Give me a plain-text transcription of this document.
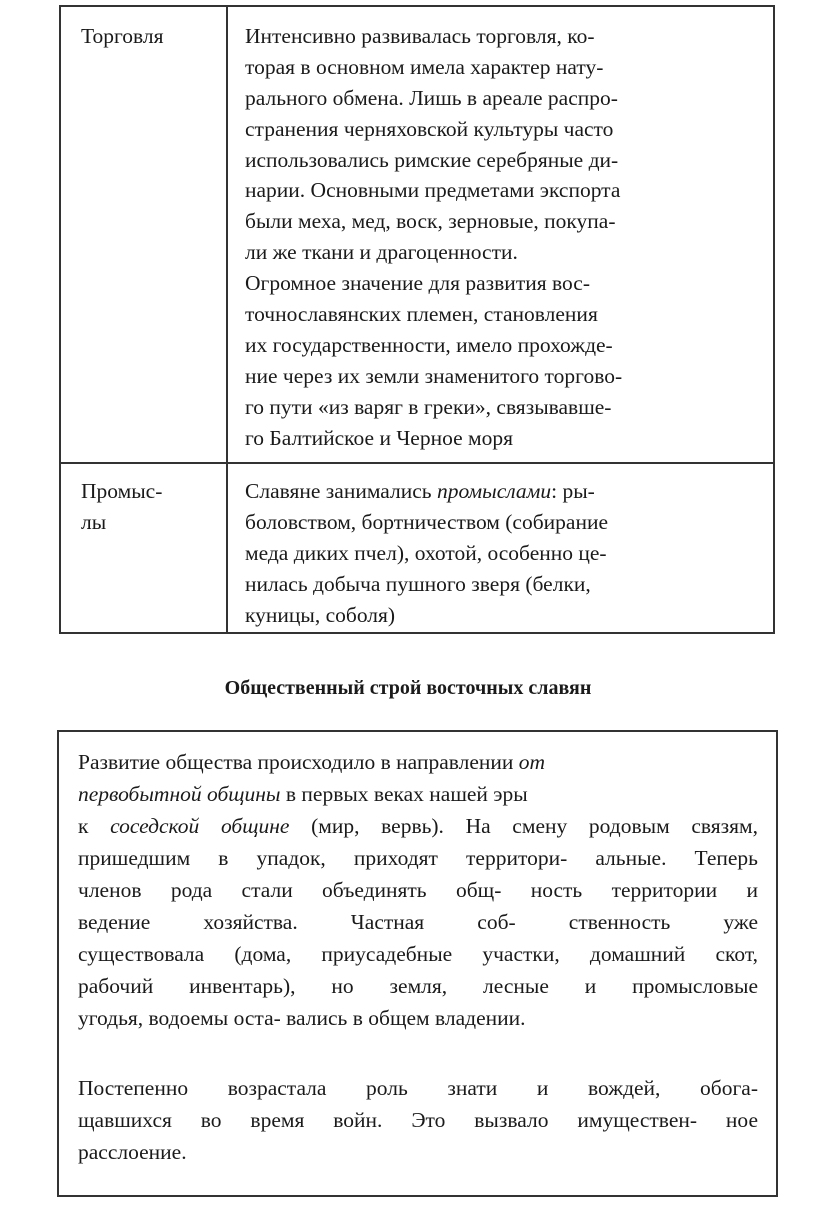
Торговля	Интенсивно развивалась торговля, ко-
торая в основном имела характер нату-
рального обмена. Лишь в ареале распро-
странения черняховской культуры часто
использовались римские серебряные ди-
нарии. Основными предметами экспорта
были меха, мед, воск, зерновые, покупа-
ли же ткани и драгоценности.
Огромное значение для развития вос-
точнославянских племен, становления
их государственности, имело прохожде-
ние через их земли знаменитого торгово-
го пути «из варяг в греки», связывавше-
го Балтийское и Черное моря
Промыс-
лы
Славяне занимались промыслами: ры-
боловством, бортничеством (собирание
меда диких пчел), охотой, особенно це-
нилась добыча пушного зверя (белки,
куницы, соболя)
Общественный строй восточных славян
Развитие общества происходило в направлении от
первобытной общины в первых веках нашей эры
к соседской общине (мир, вервь). На смену родовым связям,
пришедшим в упадок, приходят территори- альные. Теперь
членов рода стали объединять общ- ность территории и
ведение хозяйства. Частная соб- ственность уже
существовала (дома, приусадебные участки, домашний скот,
рабочий инвентарь), но земля, лесные и промысловые
угодья, водоемы оста- вались в общем владении.
Постепенно возрастала роль знати и вождей, обога-
щавшихся во время войн. Это вызвало имуществен- ное
расслоение.
